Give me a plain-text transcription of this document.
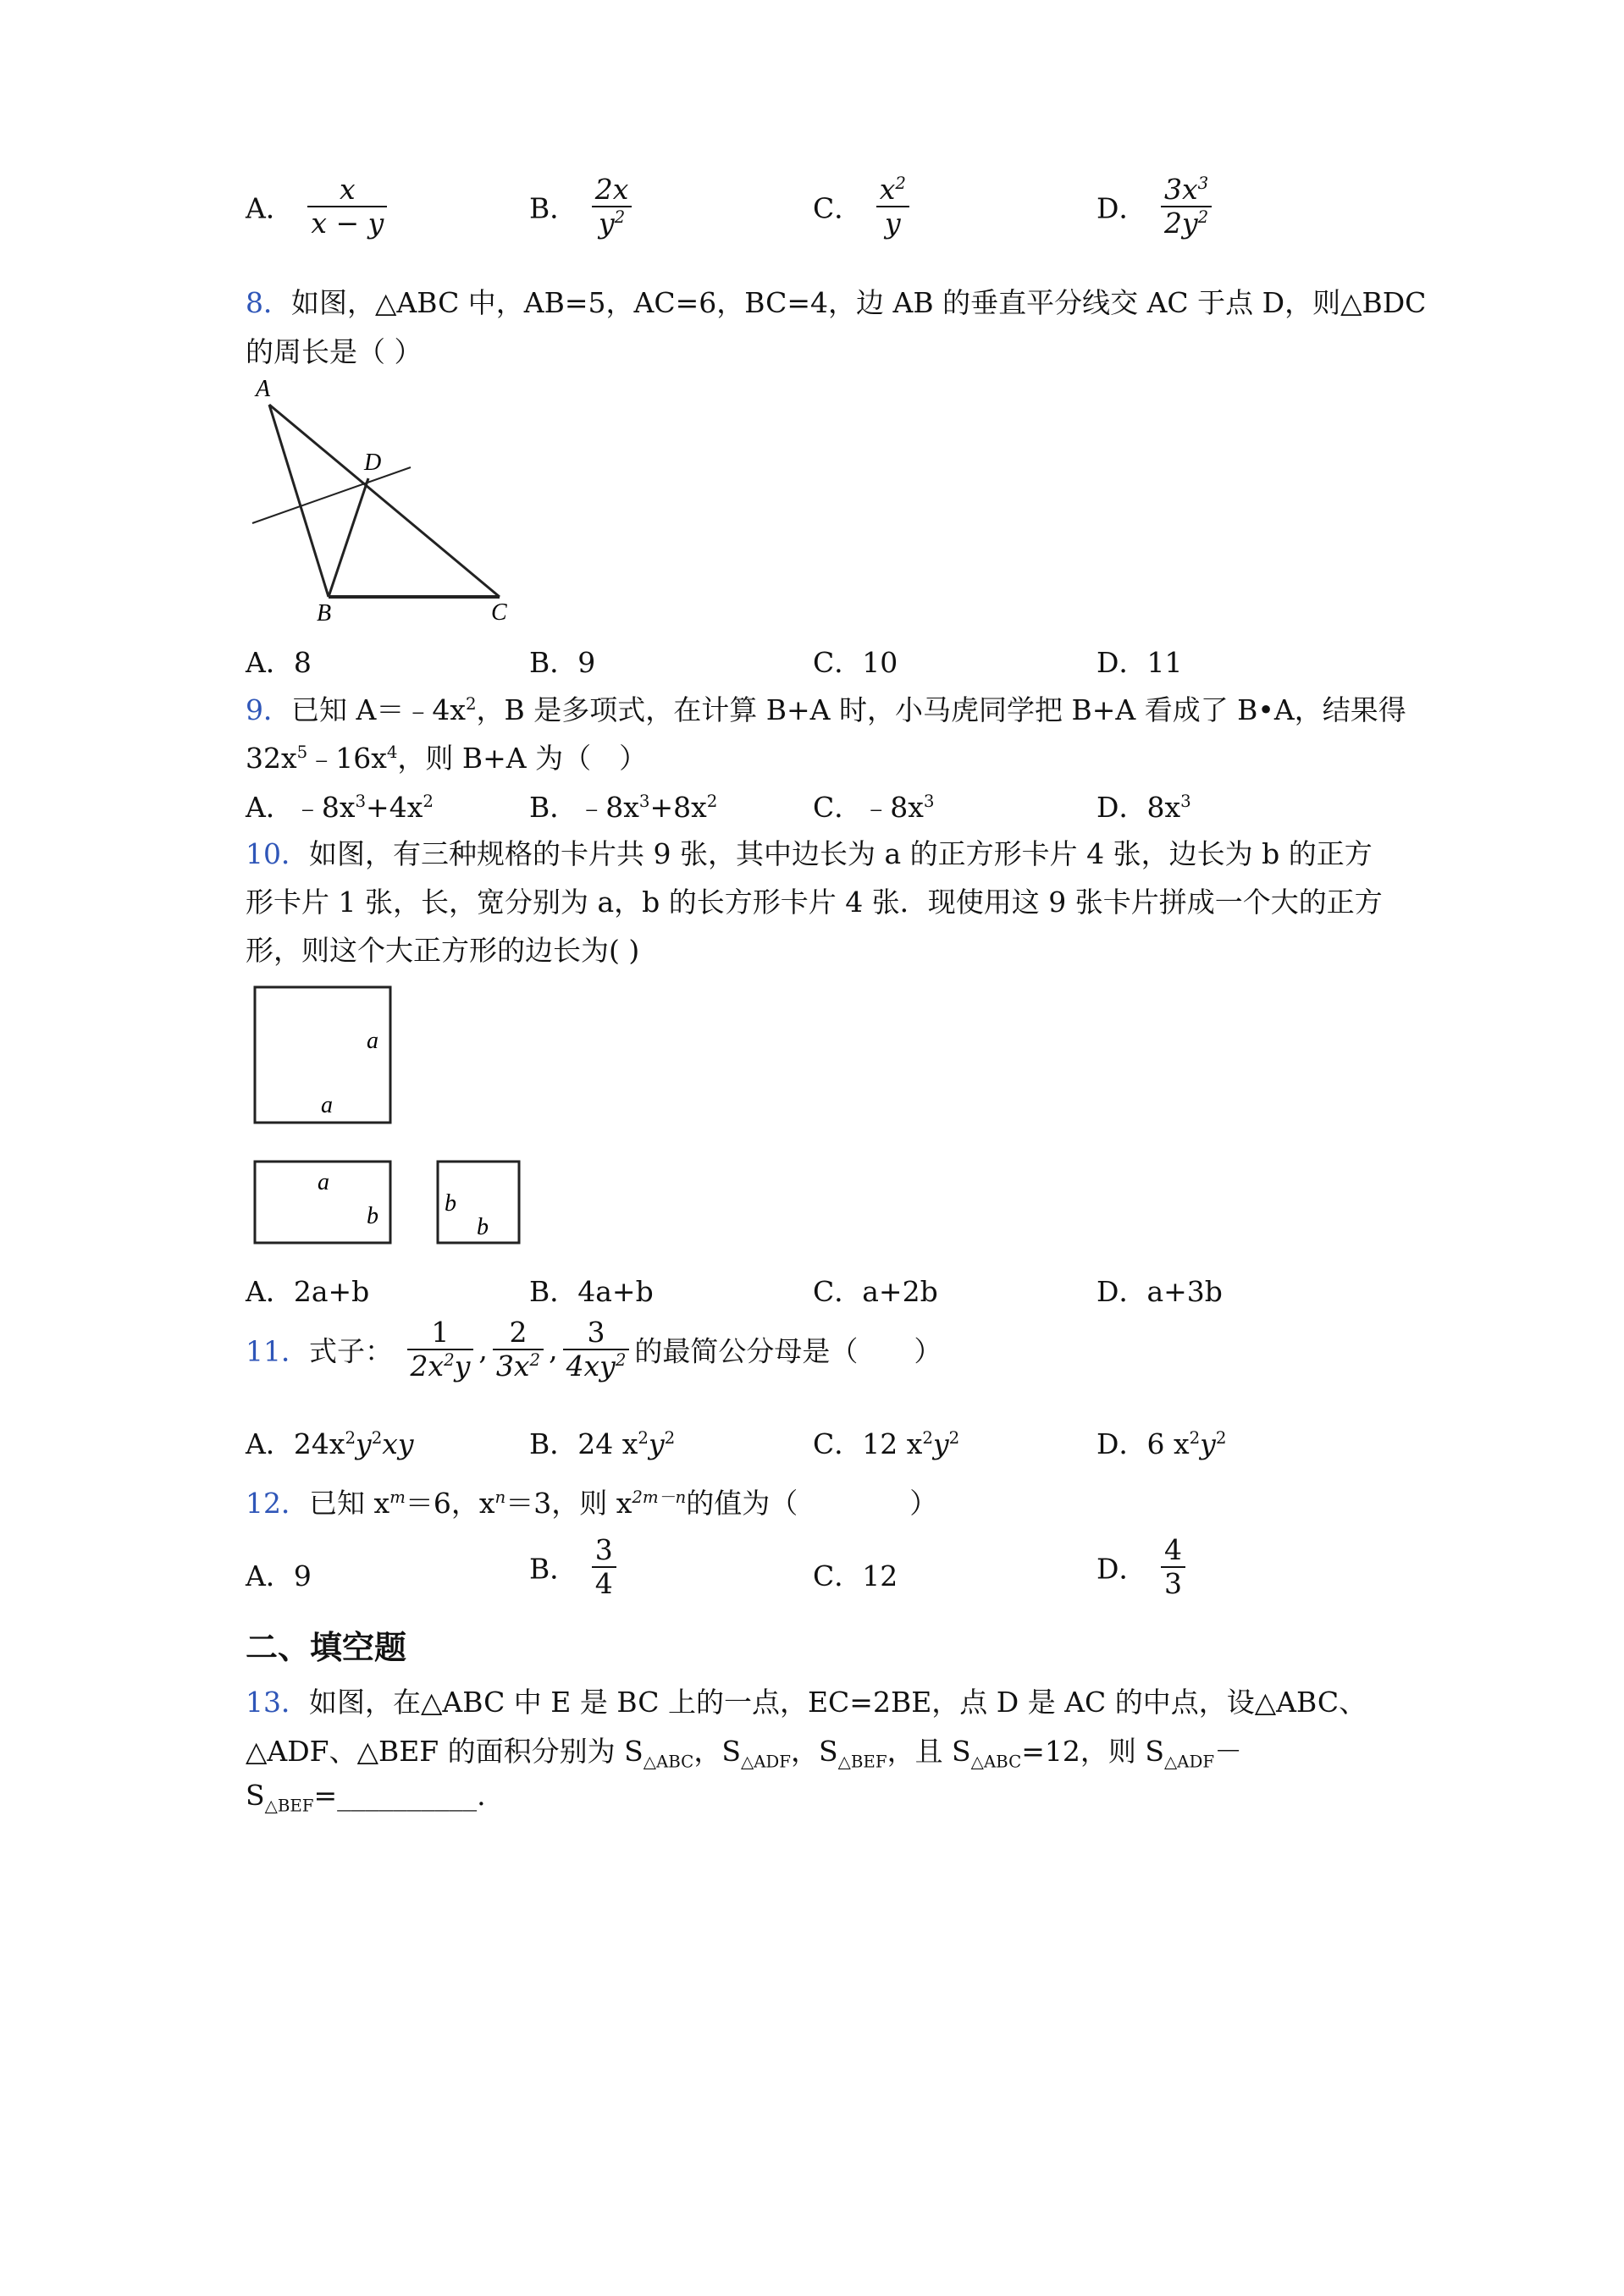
A． $\frac{x}{x - y}$	B． $\frac{2x}{y^2}$	C． $\frac{x^2}{y}$	D． $\frac{3x^3}{2y^2}$
8．如图，△ABC 中，AB=5，AC=6，BC=4，边 AB 的垂直平分线交 AC 于点 D，则△BDC
的周长是（ ）
A
D
B	C
A．8	B．9	C．10	D．11
9．已知 $A=﹣4x^2$，B 是多项式，在计算 B+A 时，小马虎同学把 B+A 看成了 B•A，结果得
$32x^5﹣16x^4$，则 B+A 为（　）
A．$﹣8x^3+4x^2$	B．$﹣8x^3+8x^2$	C．$﹣8x^3$	D．$8x^3$
10．如图，有三种规格的卡片共 9 张，其中边长为 a 的正方形卡片 4 张，边长为 b 的正方
形卡片 1 张，长，宽分别为 a，b 的长方形卡片 4 张．现使用这 9 张卡片拼成一个大的正方
形，则这个大正方形的边长为( )
a
a
a
b	b
b
A．2a+b	B．4a+b	C．a+2b	D．a+3b
11．式子： $\frac{1}{2x^2y}$ , $\frac{2}{3x^2}$ , $\frac{3}{4xy^2}$ 的最简公分母是（　　）
A．$24x^2y^2xy$	B．24 $x^2y^2$	C．12 $x^2y^2$	D．6 $x^2y^2$
12．已知 $x^m=6$，$x^n=3$，则 $x^{2m-n}$的值为（　　　　）
A．9	B． $\frac{3}{4}$	C．12	D． $\frac{4}{3}$
二、填空题
13．如图，在△ABC 中 E 是 BC 上的一点，EC=2BE，点 D 是 AC 的中点，设△ABC、
△ADF、△BEF 的面积分别为 $S_{\triangle ABC}$，$S_{\triangle ADF}$，$S_{\triangle BEF}$，且 $S_{\triangle ABC}=12$，则 $S_{\triangle ADF}-$
$S_{\triangle BEF}=\_\_\_\_\_\_\_\_\_\_$.
